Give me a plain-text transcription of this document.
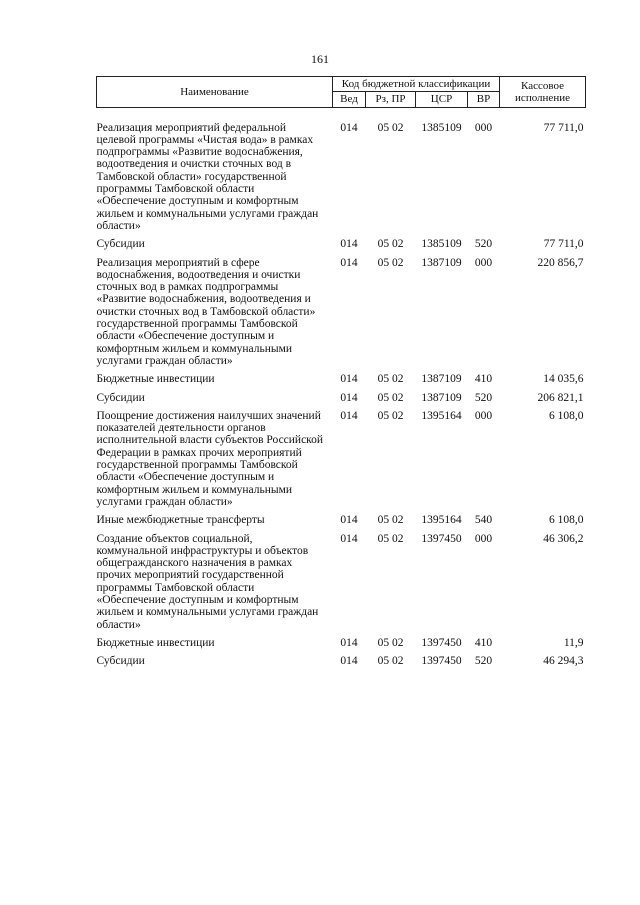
161
Наименование	Код бюджетной классификации				Кассовое исполнение
	Вед	Рз, ПР	ЦСР	ВР	

Реализация мероприятий федеральной целевой программы «Чистая вода» в рамках подпрограммы «Развитие водоснабжения, водоотведения и очистки сточных вод в Тамбовской области» государственной программы Тамбовской области «Обеспечение доступным и комфортным жильем и коммунальными услугами граждан области»	014	05 02	1385109	000	77 711,0
Субсидии	014	05 02	1385109	520	77 711,0
Реализация мероприятий в сфере водоснабжения, водоотведения и очистки сточных вод в рамках подпрограммы «Развитие водоснабжения, водоотведения и очистки сточных вод в Тамбовской области» государственной программы Тамбовской области «Обеспечение доступным и комфортным жильем и коммунальными услугами граждан области»	014	05 02	1387109	000	220 856,7
Бюджетные инвестиции	014	05 02	1387109	410	14 035,6
Субсидии	014	05 02	1387109	520	206 821,1
Поощрение достижения наилучших значений показателей деятельности органов исполнительной власти субъектов Российской Федерации в рамках прочих мероприятий государственной программы Тамбовской области «Обеспечение доступным и комфортным жильем и коммунальными услугами граждан области»	014	05 02	1395164	000	6 108,0
Иные межбюджетные трансферты	014	05 02	1395164	540	6 108,0
Создание объектов социальной, коммунальной инфраструктуры и объектов общегражданского назначения в рамках прочих мероприятий государственной программы Тамбовской области «Обеспечение доступным и комфортным жильем и коммунальными услугами граждан области»	014	05 02	1397450	000	46 306,2
Бюджетные инвестиции	014	05 02	1397450	410	11,9
Субсидии	014	05 02	1397450	520	46 294,3
